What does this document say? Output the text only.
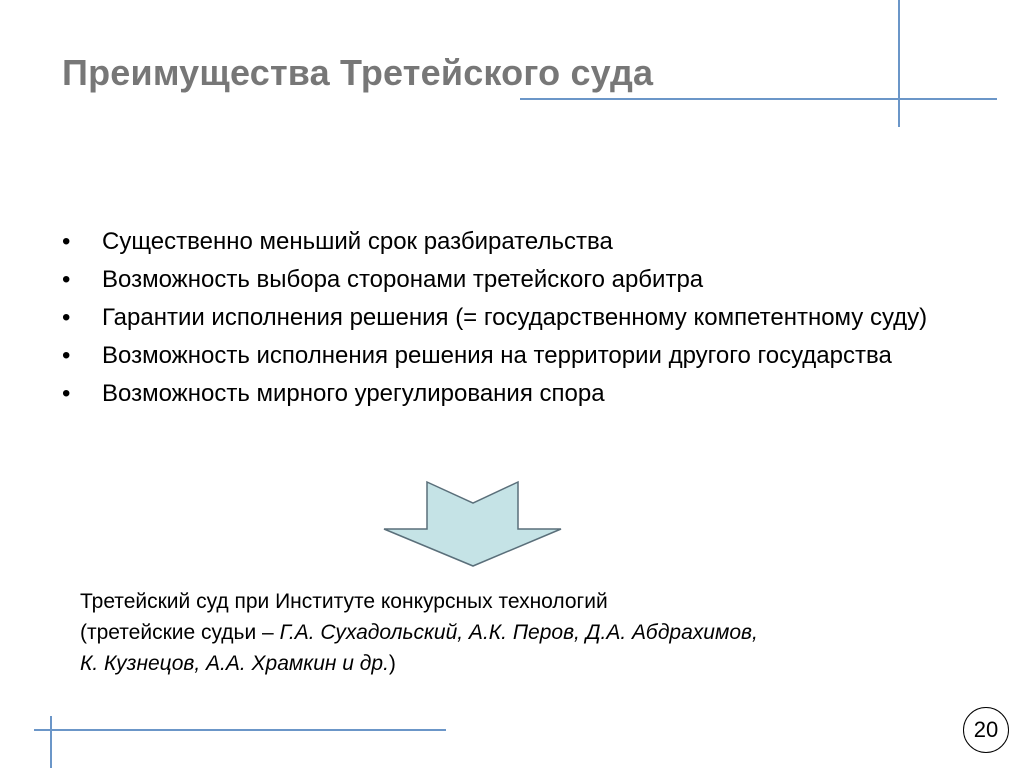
Преимущества Третейского суда
• Существенно меньший срок разбирательства
• Возможность выбора сторонами третейского арбитра
• Гарантии исполнения решения (= государственному компетентному суду)
• Возможность исполнения решения на территории другого государства
• Возможность мирного урегулирования спора

Третейский суд при Институте конкурсных технологий

(третейские судьи – Г.А. Сухадольский, А.К. Перов, Д.А. Абдрахимов,

К. Кузнецов, А.А. Храмкин и др.)

20
